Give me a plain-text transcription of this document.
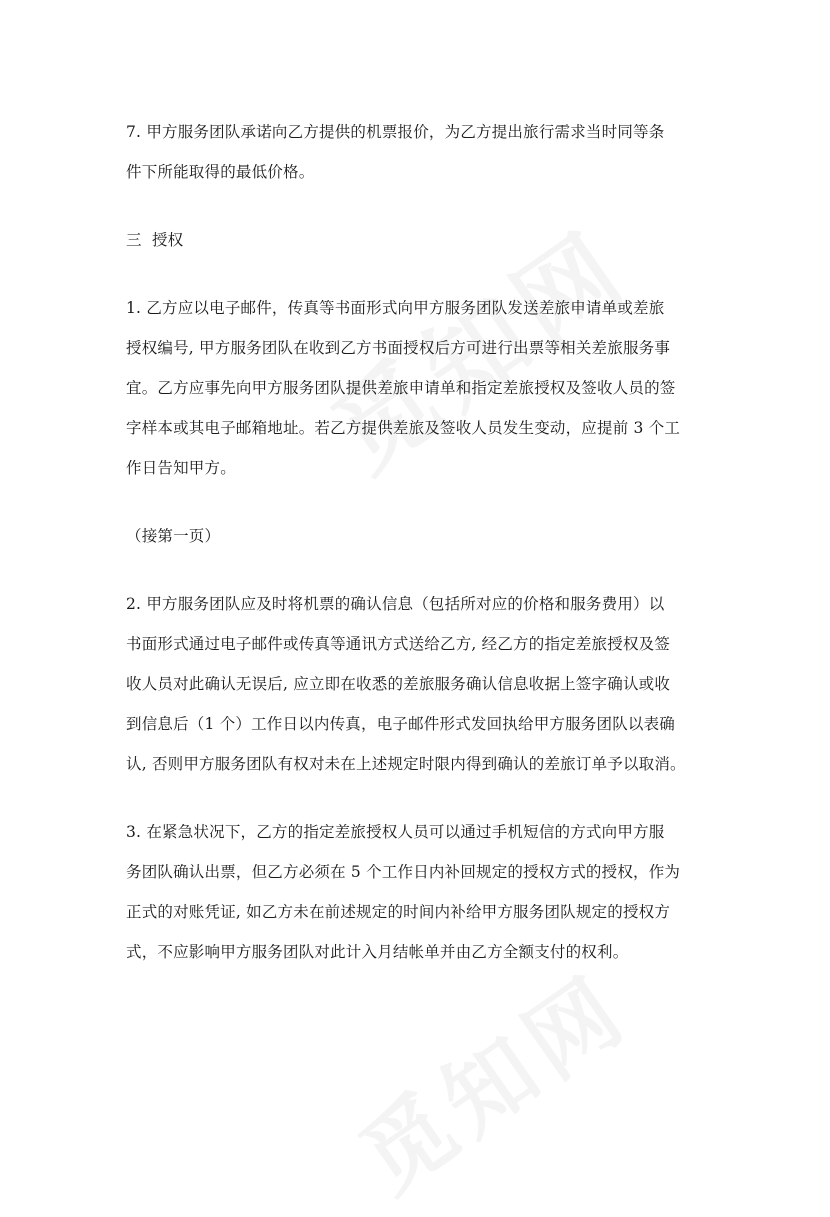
7. 甲方服务团队承诺向乙方提供的机票报价，为乙方提出旅行需求当时同等条
件下所能取得的最低价格。
三  授权
1. 乙方应以电子邮件，传真等书面形式向甲方服务团队发送差旅申请单或差旅
授权编号, 甲方服务团队在收到乙方书面授权后方可进行出票等相关差旅服务事
宜。乙方应事先向甲方服务团队提供差旅申请单和指定差旅授权及签收人员的签
字样本或其电子邮箱地址。若乙方提供差旅及签收人员发生变动，应提前 3 个工
作日告知甲方。
（接第一页）
2. 甲方服务团队应及时将机票的确认信息（包括所对应的价格和服务费用）以
书面形式通过电子邮件或传真等通讯方式送给乙方, 经乙方的指定差旅授权及签
收人员对此确认无误后, 应立即在收悉的差旅服务确认信息收据上签字确认或收
到信息后（1 个）工作日以内传真，电子邮件形式发回执给甲方服务团队以表确
认, 否则甲方服务团队有权对未在上述规定时限内得到确认的差旅订单予以取消。
3. 在紧急状况下，乙方的指定差旅授权人员可以通过手机短信的方式向甲方服
务团队确认出票，但乙方必须在 5 个工作日内补回规定的授权方式的授权，作为
正式的对账凭证, 如乙方未在前述规定的时间内补给甲方服务团队规定的授权方
式，不应影响甲方服务团队对此计入月结帐单并由乙方全额支付的权利。
